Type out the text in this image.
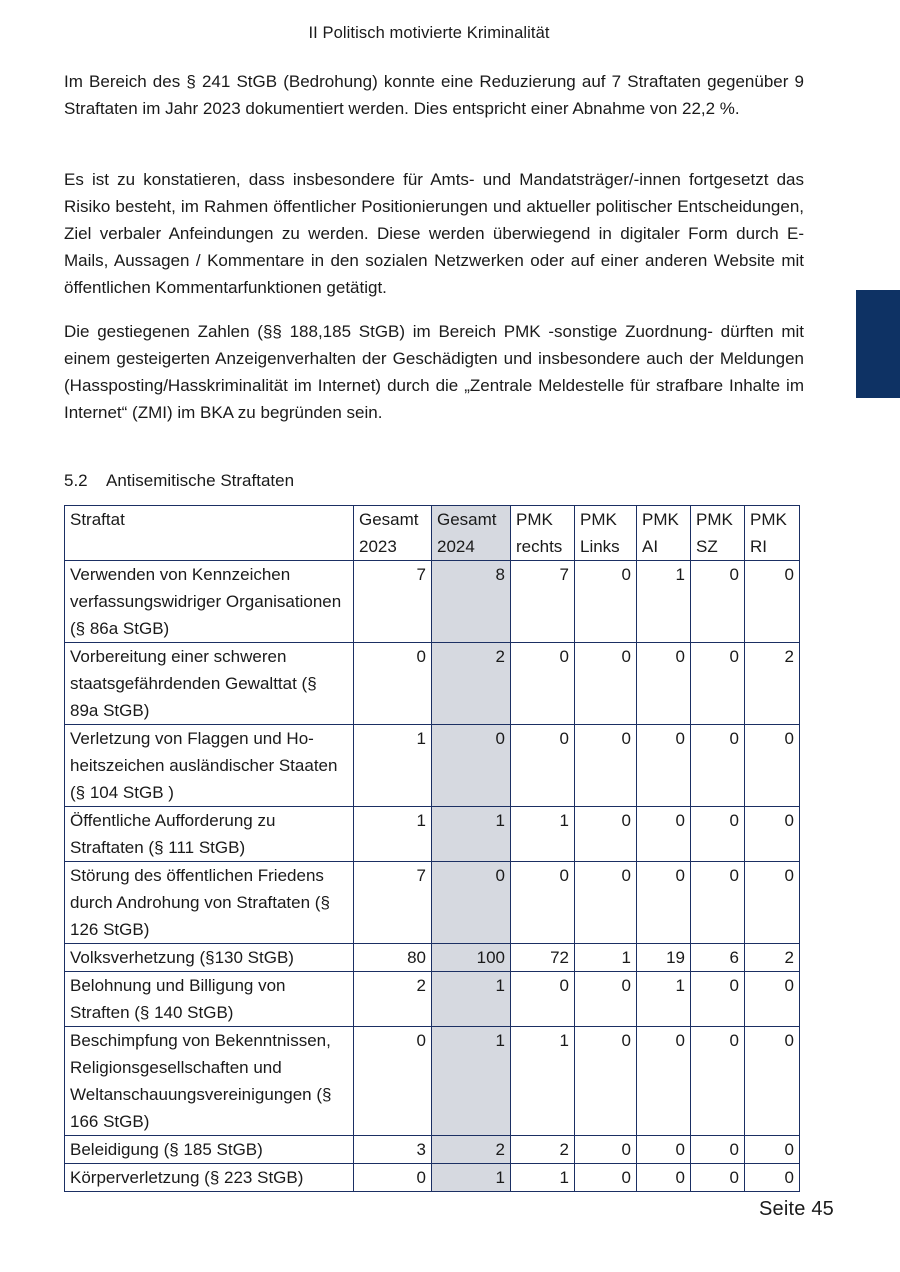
II Politisch motivierte Kriminalität

Im Bereich des § 241 StGB (Bedrohung) konnte eine Reduzierung auf 7 Straftaten gegenüber 9 Straftaten im Jahr 2023 dokumentiert werden. Dies entspricht einer Abnahme von 22,2 %.

Es ist zu konstatieren, dass insbesondere für Amts- und Mandatsträger/-innen fortgesetzt das Risiko besteht, im Rahmen öffentlicher Positionierungen und aktueller politischer Entscheidungen, Ziel verbaler Anfeindungen zu werden. Diese werden überwiegend in digitaler Form durch E-Mails, Aussagen / Kommentare in den sozialen Netzwerken oder auf einer anderen Website mit öffentlichen Kommentarfunktionen getätigt.

Die gestiegenen Zahlen (§§ 188,185 StGB) im Bereich PMK -sonstige Zuordnung- dürften mit einem gesteigerten Anzeigenverhalten der Geschädigten und insbesondere auch der Meldungen (Hassposting/Hasskriminalität im Internet) durch die „Zentrale Meldestelle für strafbare Inhalte im Internet“ (ZMI) im BKA zu begründen sein.

5.2 Antisemitische Straftaten
Straftat	Gesamt 2023	Gesamt 2024	PMK rechts	PMK Links	PMK AI	PMK SZ	PMK RI
Verwenden von Kennzeichen verfassungswidriger Organisationen (§ 86a StGB)	7	8	7	0	1	0	0
Vorbereitung einer schweren staatsgefährdenden Gewalttat (§ 89a StGB)	0	2	0	0	0	0	2
Verletzung von Flaggen und Hoheitszeichen ausländischer Staaten (§ 104 StGB )	1	0	0	0	0	0	0
Öffentliche Aufforderung zu Straftaten (§ 111 StGB)	1	1	1	0	0	0	0
Störung des öffentlichen Friedens durch Androhung von Straftaten (§ 126 StGB)	7	0	0	0	0	0	0
Volksverhetzung (§130 StGB)	80	100	72	1	19	6	2
Belohnung und Billigung von Straften (§ 140 StGB)	2	1	0	0	1	0	0
Beschimpfung von Bekenntnissen, Religionsgesellschaften und Weltanschauungsvereinigungen (§ 166 StGB)	0	1	1	0	0	0	0
Beleidigung (§ 185 StGB)	3	2	2	0	0	0	0
Körperverletzung (§ 223 StGB)	0	1	1	0	0	0	0
Seite 45
